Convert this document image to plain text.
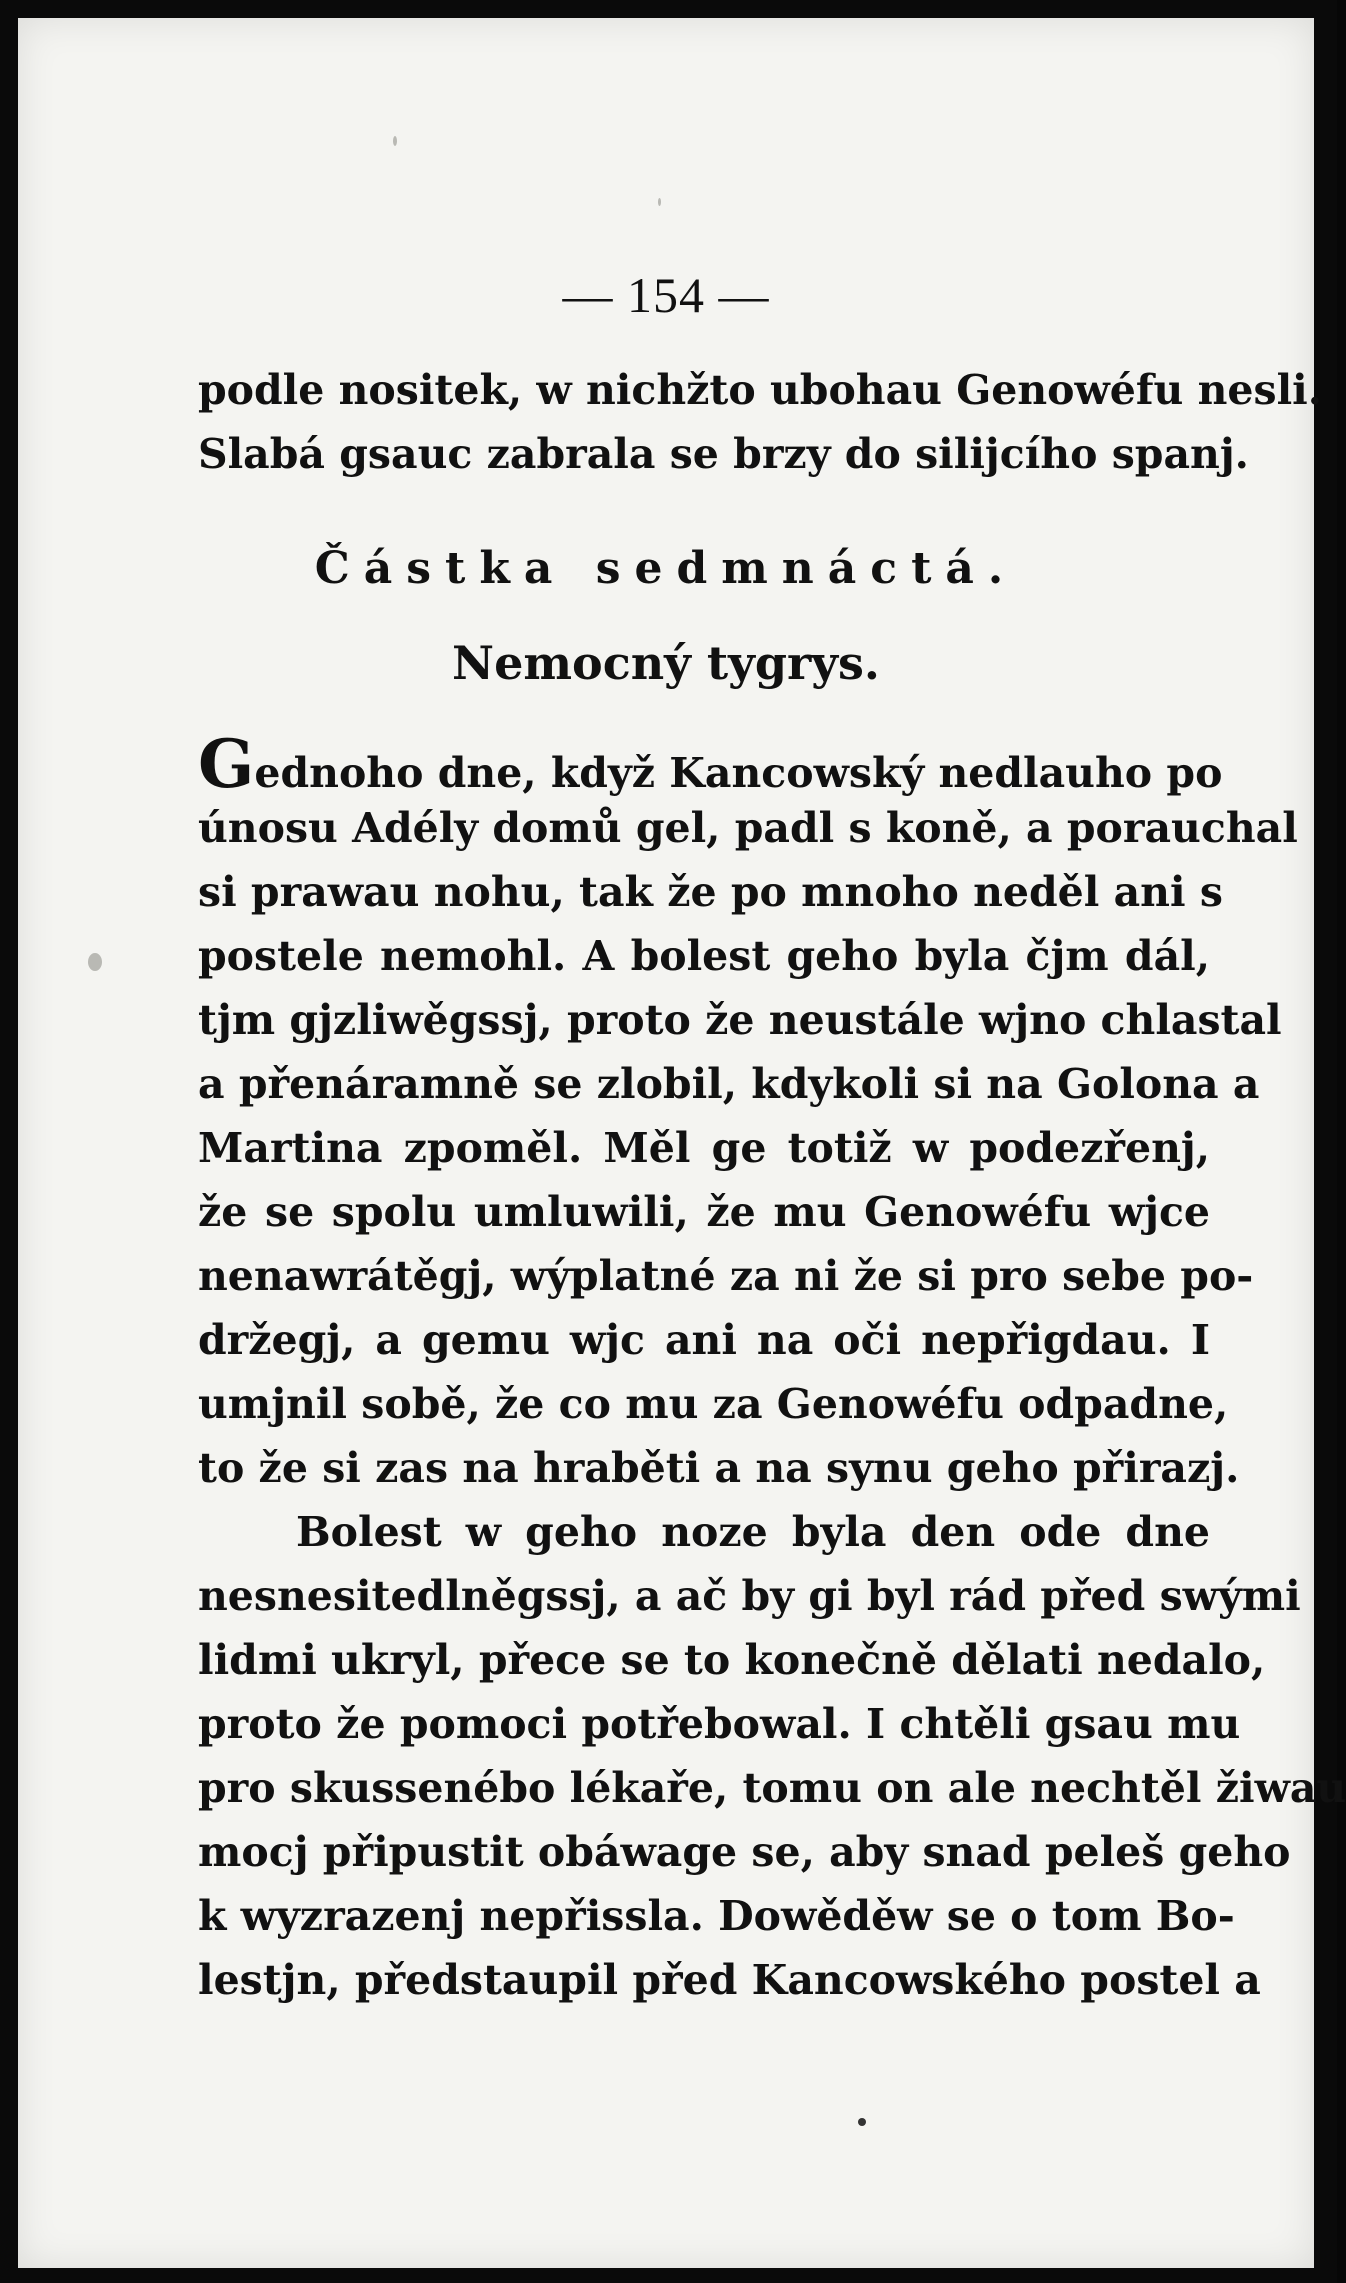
— 154 —
podle nositek, w nichžto ubohau Genowéfu nesli.
Slabá gsauc zabrala se brzy do silijcího spanj.
Částka sedmnáctá.
Nemocný tygrys.
Gednoho dne, když Kancowský nedlauho po
únosu Adély domů gel, padl s koně, a porauchal
si prawau nohu, tak že po mnoho neděl ani s
postele nemohl. A bolest geho byla čjm dál,
tjm gjzliwěgssj, proto že neustále wjno chlastal
a přenáramně se zlobil, kdykoli si na Golona a
Martina zpoměl. Měl ge totiž w podezřenj,
že se spolu umluwili, že mu Genowéfu wjce
nenawrátěgj, wýplatné za ni že si pro sebe po-
držegj, a gemu wjc ani na oči nepřigdau. I
umjnil sobě, že co mu za Genowéfu odpadne,
to že si zas na hraběti a na synu geho přirazj.
Bolest w geho noze byla den ode dne
nesnesitedlněgssj, a ač by gi byl rád před swými
lidmi ukryl, přece se to konečně dělati nedalo,
proto že pomoci potřebowal. I chtěli gsau mu
pro skussenébo lékaře, tomu on ale nechtěl žiwau
mocj připustit obáwage se, aby snad peleš geho
k wyzrazenj nepřissla. Dowěděw se o tom Bo-
lestjn, předstaupil před Kancowského postel a
